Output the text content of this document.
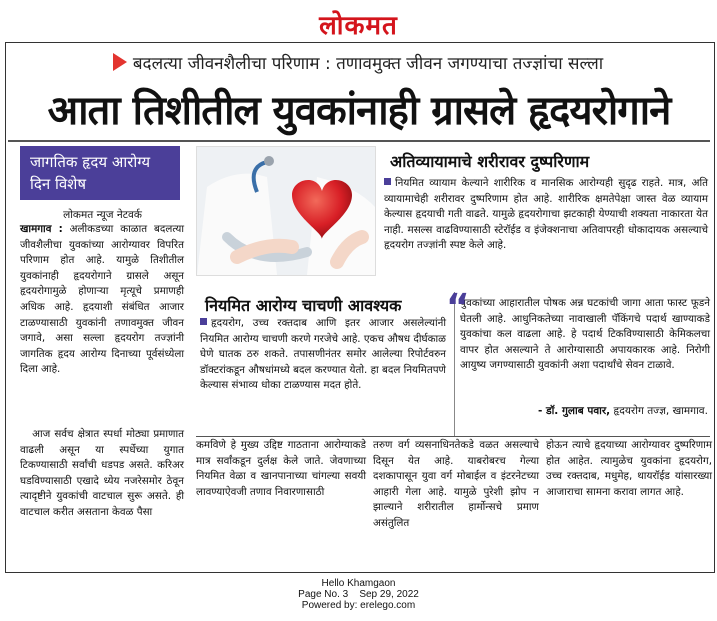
लोकमत
बदलत्या जीवनशैलीचा परिणाम : तणावमुक्त जीवन जगण्याचा तज्ज्ञांचा सल्ला
आता तिशीतील युवकांनाही ग्रासले हृदयरोगाने
जागतिक हृदय आरोग्य दिन विशेष
लोकमत न्यूज नेटवर्क
खामगाव : अलीकडच्या काळात बदलत्या जीवशैलीचा युवकांच्या आरोग्यावर विपरित परिणाम होत आहे. यामुळे तिशीतील युवकांनाही हृदयरोगाने ग्रासले असून हृदयरोगामुळे होणाऱ्या मृत्यूचे प्रमाणही अधिक आहे. हृदयाशी संबंधित आजार टाळण्यासाठी युवकांनी तणावमुक्त जीवन जगावे, असा सल्ला हृदयरोग तज्ज्ञांनी जागतिक हृदय आरोग्य दिनाच्या पूर्वसंध्येला दिला आहे.
आज सर्वच क्षेत्रात स्पर्धा मोठ्या प्रमाणात वाढली असून या स्पर्धेच्या युगात टिकण्यासाठी सर्वांची धडपड असते. करिअर घडविण्यासाठी एखादे ध्येय नजरेसमोर ठेवून त्यादृष्टीने युवकांची वाटचाल सुरू असते. ही वाटचाल करीत असताना केवळ पैसा
अतिव्यायामाचे शरीरावर दुष्परिणाम
नियमित व्यायाम केल्याने शारीरिक व मानसिक आरोग्यही सुदृढ राहते. मात्र, अति व्यायामाचेही शरीरावर दुष्परिणाम होत आहे. शारीरिक क्षमतेपेक्षा जास्त वेळ व्यायाम केल्यास हृदयाची गती वाढते. यामुळे हृदयरोगाचा झटकाही येण्याची शक्यता नाकारता येत नाही. मसल्स वाढविण्यासाठी स्टेरॉईड व इंजेक्शनाचा अतिवापरही धोकादायक असल्याचे हृदयरोग तज्ज्ञांनी स्पष्ट केले आहे.
नियमित आरोग्य चाचणी आवश्यक
हृदयरोग, उच्च रक्तदाब आणि इतर आजार असलेल्यांनी नियमित आरोग्य चाचणी करणे गरजेचे आहे. एकच औषध दीर्घकाळ घेणे घातक ठरु शकते. तपासणीनंतर समोर आलेल्या रिपोर्टवरुन डॉक्टरांकडून औषधांमध्ये बदल करण्यात येतो. हा बदल नियमितपणे केल्यास संभाव्य धोका टाळण्यास मदत होते.
“
युवकांच्या आहारातील पोषक अन्न घटकांची जागा आता फास्ट फूडने घेतली आहे. आधुनिकतेच्या नावाखाली पॅकिंगचे पदार्थ खाण्याकडे युवकांचा कल वाढला आहे. हे पदार्थ टिकविण्यासाठी केमिकलचा वापर होत असल्याने ते आरोग्यासाठी अपायकारक आहे. निरोगी आयुष्य जगण्यासाठी युवकांनी अशा पदार्थांचे सेवन टाळावे.
- डॉ. गुलाब पवार, हृदयरोग तज्ज्ञ, खामगाव.
कमविणे हे मुख्य उद्दिष्ट गाठताना आरोग्याकडे मात्र सर्वांकडून दुर्लक्ष केले जाते. जेवणाच्या नियमित वेळा व खानपानाच्या चांगल्या सवयी लावण्याऐवजी तणाव निवारणासाठी
तरुण वर्ग व्यसनाधिनतेकडे वळत असल्याचे दिसून येत आहे. याबरोबरच गेल्या दशकापासून युवा वर्ग मोबाईल व इंटरनेटच्या आहारी गेला आहे. यामुळे पुरेशी झोप न झाल्याने शरीरातील हार्मोन्सचे प्रमाण असंतुलित
होऊन त्याचे हृदयाच्या आरोग्यावर दुष्परिणाम होत आहेत. त्यामुळेच युवकांना हृदयरोग, उच्च रक्तदाब, मधुमेह, थायरॉईड यांसारख्या आजाराचा सामना करावा लागत आहे.
Hello Khamgaon
Page No. 3    Sep 29, 2022
Powered by: erelego.com
